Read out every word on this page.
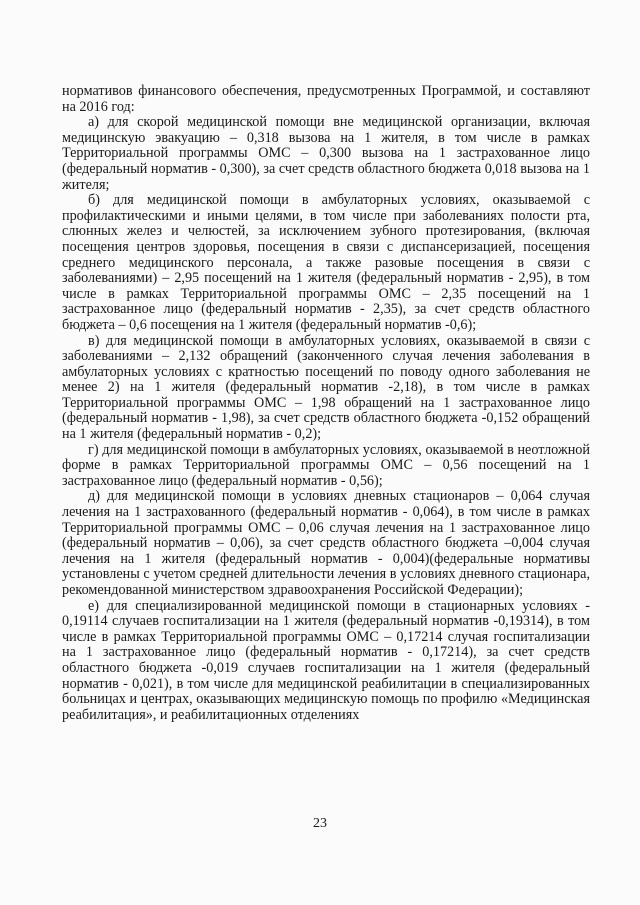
нормативов финансового обеспечения, предусмотренных Программой, и составляют на 2016 год:

а) для скорой медицинской помощи вне медицинской организации, включая медицинскую эвакуацию – 0,318 вызова на 1 жителя, в том числе в рамках Территориальной программы ОМС – 0,300 вызова на 1 застрахованное лицо (федеральный норматив - 0,300), за счет средств областного бюджета 0,018 вызова на 1 жителя;

б) для медицинской помощи в амбулаторных условиях, оказываемой с профилактическими и иными целями, в том числе при заболеваниях полости рта, слюнных желез и челюстей, за исключением зубного протезирования, (включая посещения центров здоровья, посещения в связи с диспансеризацией, посещения среднего медицинского персонала, а также разовые посещения в связи с заболеваниями) – 2,95 посещений на 1 жителя (федеральный норматив - 2,95), в том числе в рамках Территориальной программы ОМС – 2,35 посещений на 1 застрахованное лицо (федеральный норматив - 2,35), за счет средств областного бюджета – 0,6 посещения на 1 жителя (федеральный норматив -0,6);

в) для медицинской помощи в амбулаторных условиях, оказываемой в связи с заболеваниями – 2,132 обращений (законченного случая лечения заболевания в амбулаторных условиях с кратностью посещений по поводу одного заболевания не менее 2) на 1 жителя (федеральный норматив -2,18), в том числе в рамках Территориальной программы ОМС – 1,98 обращений на 1 застрахованное лицо (федеральный норматив - 1,98), за счет средств областного бюджета -0,152 обращений на 1 жителя (федеральный норматив - 0,2);

г) для медицинской помощи в амбулаторных условиях, оказываемой в неотложной форме в рамках Территориальной программы ОМС – 0,56 посещений на 1 застрахованное лицо (федеральный норматив - 0,56);

д) для медицинской помощи в условиях дневных стационаров – 0,064 случая лечения на 1 застрахованного (федеральный норматив - 0,064), в том числе в рамках Территориальной программы ОМС – 0,06 случая лечения на 1 застрахованное лицо (федеральный норматив – 0,06), за счет средств областного бюджета –0,004 случая лечения на 1 жителя (федеральный норматив - 0,004)(федеральные нормативы установлены с учетом средней длительности лечения в условиях дневного стационара, рекомендованной министерством здравоохранения Российской Федерации);

е) для специализированной медицинской помощи в стационарных условиях - 0,19114 случаев госпитализации на 1 жителя (федеральный норматив -0,19314), в том числе в рамках Территориальной программы ОМС – 0,17214 случая госпитализации на 1 застрахованное лицо (федеральный норматив - 0,17214), за счет средств областного бюджета -0,019 случаев госпитализации на 1 жителя (федеральный норматив - 0,021), в том числе для медицинской реабилитации в специализированных больницах и центрах, оказывающих медицинскую помощь по профилю «Медицинская реабилитация», и реабилитационных отделениях

23
